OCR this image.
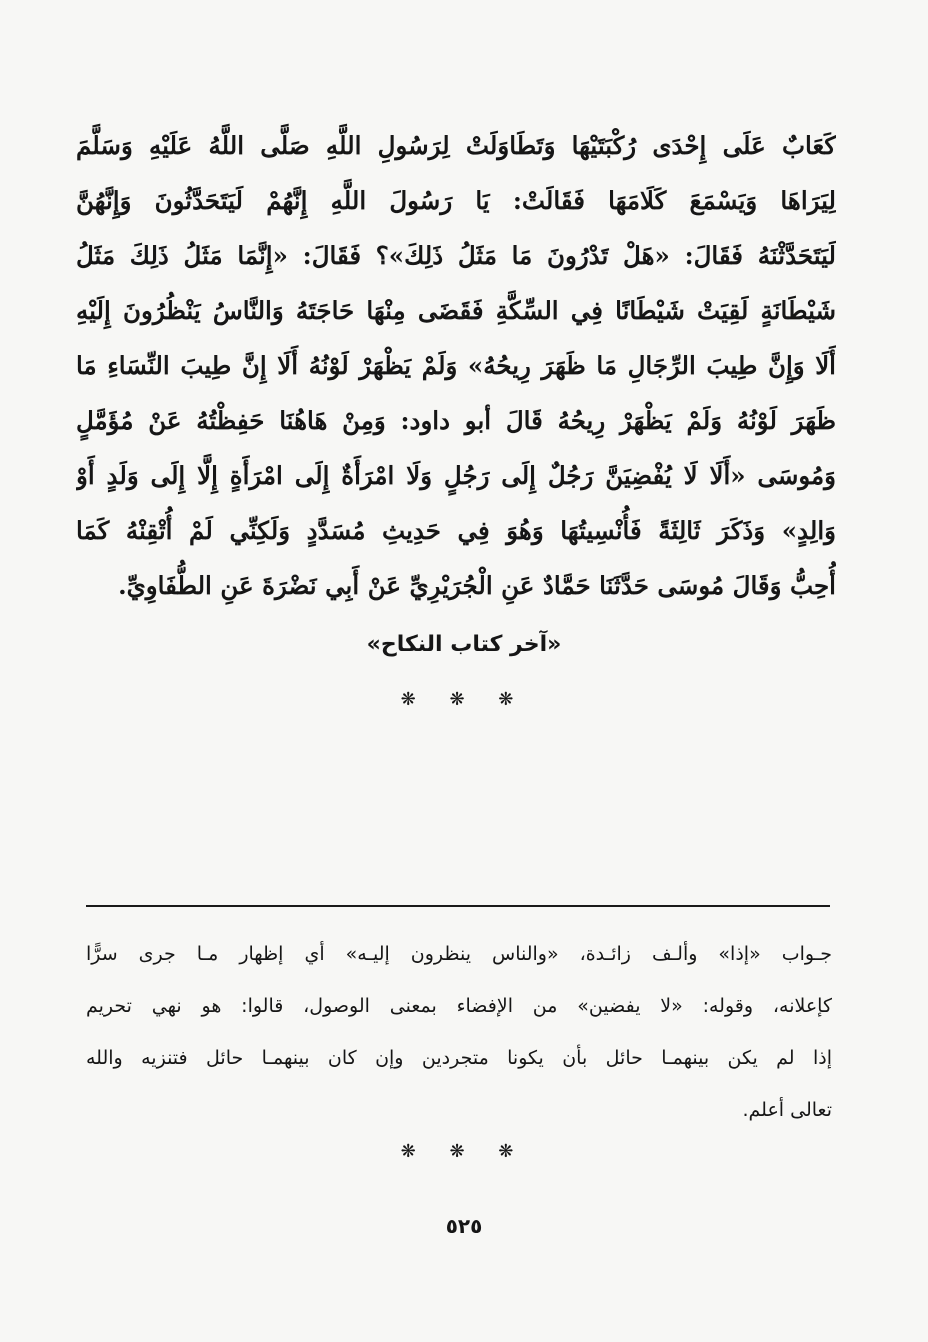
كَعَابٌ عَلَى إِحْدَى رُكْبَتَيْهَا وَتَطَاوَلَتْ لِرَسُولِ اللَّهِ صَلَّى اللَّهُ عَلَيْهِ وَسَلَّمَ
لِيَرَاهَا وَيَسْمَعَ كَلَامَهَا فَقَالَتْ: يَا رَسُولَ اللَّهِ إِنَّهُمْ لَيَتَحَدَّثُونَ وَإِنَّهُنَّ
لَيَتَحَدَّثْنَهُ فَقَالَ: «هَلْ تَدْرُونَ مَا مَثَلُ ذَلِكَ»؟ فَقَالَ: «إِنَّمَا مَثَلُ ذَلِكَ مَثَلُ
شَيْطَانَةٍ لَقِيَتْ شَيْطَانًا فِي السِّكَّةِ فَقَضَى مِنْهَا حَاجَتَهُ وَالنَّاسُ يَنْظُرُونَ إِلَيْهِ
أَلَا وَإِنَّ طِيبَ الرِّجَالِ مَا ظَهَرَ رِيحُهُ» وَلَمْ يَظْهَرْ لَوْنُهُ أَلَا إِنَّ طِيبَ النِّسَاءِ مَا
ظَهَرَ لَوْنُهُ وَلَمْ يَظْهَرْ رِيحُهُ قَالَ أبو داود: وَمِنْ هَاهُنَا حَفِظْتُهُ عَنْ مُؤَمَّلٍ
وَمُوسَى «أَلَا لَا يُفْضِيَنَّ رَجُلٌ إِلَى رَجُلٍ وَلَا امْرَأَةٌ إِلَى امْرَأَةٍ إِلَّا إِلَى وَلَدٍ أَوْ
وَالِدٍ» وَذَكَرَ ثَالِثَةً فَأُنْسِيتُهَا وَهُوَ فِي حَدِيثِ مُسَدَّدٍ وَلَكِنِّي لَمْ أُتْقِنْهُ كَمَا
أُحِبُّ وَقَالَ مُوسَى حَدَّثَنَا حَمَّادٌ عَنِ الْجُرَيْرِيِّ عَنْ أَبِي نَضْرَةَ عَنِ الطُّفَاوِيِّ.
«آخر كتاب النكاح»
❋ ❋ ❋
جـواب «إذا» وألـف زائـدة، «والناس ينظرون إليـه» أي إظهار مـا جرى سرًّا
كإعلانه، وقوله: «لا يفضين» من الإفضاء بمعنى الوصول، قالوا: هو نهي تحريم
إذا لم يكن بينهمـا حائل بأن يكونا متجردين وإن كان بينهمـا حائل فتنزيه والله
تعالى أعلم.
❋ ❋ ❋
٥٢٥
